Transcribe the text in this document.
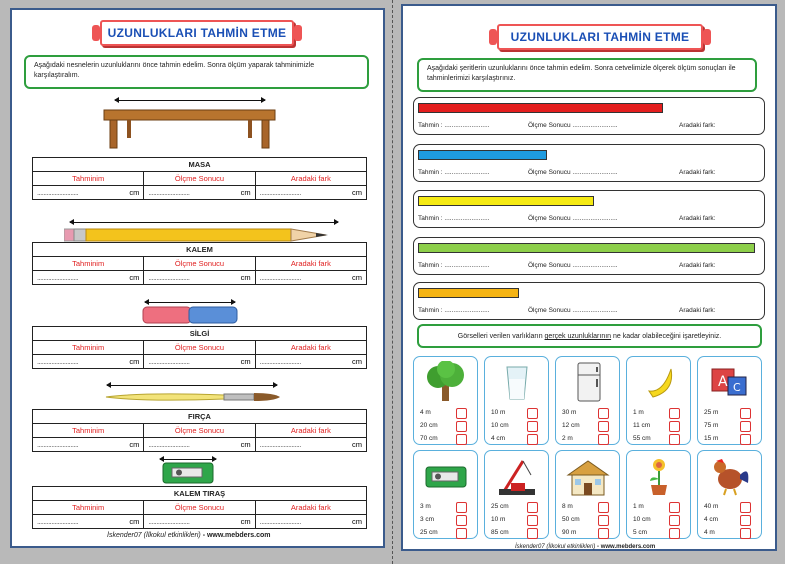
UZUNLUKLARI TAHMİN ETME
Aşağıdaki nesnelerin uzunluklarını önce tahmin edelim. Sonra ölçüm yaparak tahminimizle karşılaştıralım.
MASA		
Tahminim	Ölçme Sonucu	Aradaki fark

.......................... cm	.......................... cm	.......................... cm
KALEM		
Tahminim	Ölçme Sonucu	Aradaki fark

.......................... cm	.......................... cm	.......................... cm
SİLGİ		
Tahminim	Ölçme Sonucu	Aradaki fark

.......................... cm	.......................... cm	.......................... cm
FIRÇA		
Tahminim	Ölçme Sonucu	Aradaki fark

.......................... cm	.......................... cm	.......................... cm
KALEM TIRAŞ		
Tahminim	Ölçme Sonucu	Aradaki fark

.......................... cm	.......................... cm	.......................... cm
İskender07 (İlkokul etkinlikleri) - www.mebders.com
UZUNLUKLARI TAHMİN ETME
Aşağıdaki şeritlerin uzunluklarını önce tahmin edelim. Sonra cetvelimizle ölçerek ölçüm sonuçları ile tahminlerimizi karşılaştırınız.
Tahmin : .........................	Ölçme Sonucu .........................	Aradaki fark:
Tahmin : .........................	Ölçme Sonucu .........................	Aradaki fark:
Tahmin : .........................	Ölçme Sonucu .........................	Aradaki fark:
Tahmin : .........................	Ölçme Sonucu .........................	Aradaki fark:
Tahmin : .........................	Ölçme Sonucu .........................	Aradaki fark:
Görselleri verilen varlıkların gerçek uzunluklarının ne kadar olabileceğini işaretleyiniz.
4 m
20 cm
70 cm
10 m
10 cm
4 cm
30 m
12 cm
2 m
1 m
11 cm
55 cm
A C
25 m
75 m
15 m
3 m
3 cm
25 cm
25 cm
10 m
85 cm
8 m
50 cm
90 m
1 m
10 cm
5 cm
40 m
4 cm
4 m
İskender07 (İlkokul etkinlikleri) - www.mebders.com
